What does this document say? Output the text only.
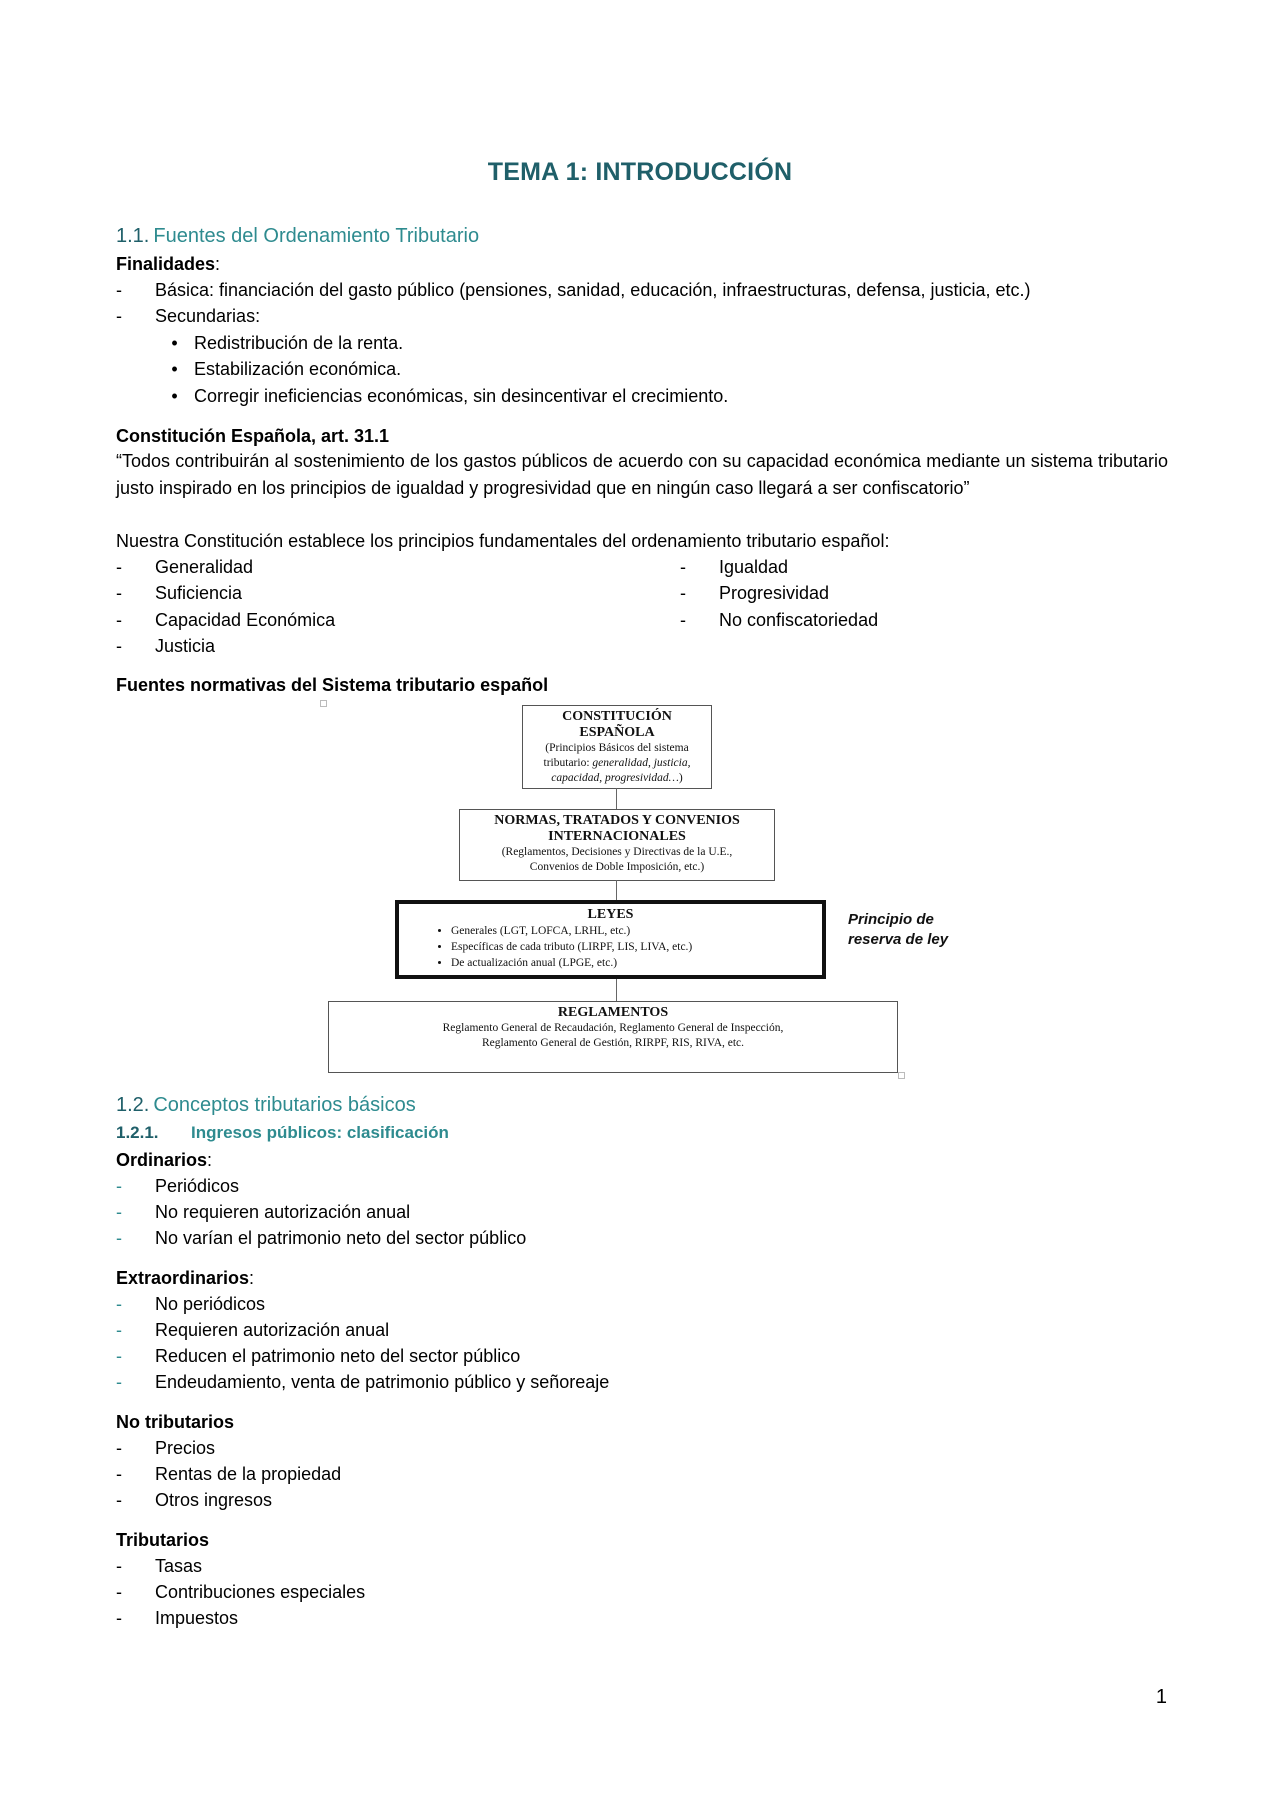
TEMA 1: INTRODUCCIÓN
1.1. Fuentes del Ordenamiento Tributario
Finalidades:
- Básica: financiación del gasto público (pensiones, sanidad, educación, infraestructuras, defensa, justicia, etc.)
- Secundarias:
• Redistribución de la renta.
• Estabilización económica.
• Corregir ineficiencias económicas, sin desincentivar el crecimiento.
Constitución Española, art. 31.1
“Todos contribuirán al sostenimiento de los gastos públicos de acuerdo con su capacidad económica mediante un sistema tributario justo inspirado en los principios de igualdad y progresividad que en ningún caso llegará a ser confiscatorio”
Nuestra Constitución establece los principios fundamentales del ordenamiento tributario español:
- Generalidad
- Suficiencia
- Capacidad Económica
- Justicia
- Igualdad
- Progresividad
- No confiscatoriedad
Fuentes normativas del Sistema tributario español
CONSTITUCIÓN
ESPAÑOLA
(Principios Básicos del sistema
tributario: generalidad, justicia,
capacidad, progresividad…)
NORMAS, TRATADOS Y CONVENIOS
INTERNACIONALES
(Reglamentos, Decisiones y Directivas de la U.E.,
Convenios de Doble Imposición, etc.)
LEYES
• Generales (LGT, LOFCA, LRHL, etc.)
• Específicas de cada tributo (LIRPF, LIS, LIVA, etc.)
• De actualización anual (LPGE, etc.)
Principio de
reserva de ley
REGLAMENTOS
Reglamento General de Recaudación, Reglamento General de Inspección,
Reglamento General de Gestión, RIRPF, RIS, RIVA, etc.
1.2. Conceptos tributarios básicos
1.2.1. Ingresos públicos: clasificación
Ordinarios:
- Periódicos
- No requieren autorización anual
- No varían el patrimonio neto del sector público
Extraordinarios:
- No periódicos
- Requieren autorización anual
- Reducen el patrimonio neto del sector público
- Endeudamiento, venta de patrimonio público y señoreaje
No tributarios
- Precios
- Rentas de la propiedad
- Otros ingresos
Tributarios
- Tasas
- Contribuciones especiales
- Impuestos
1
